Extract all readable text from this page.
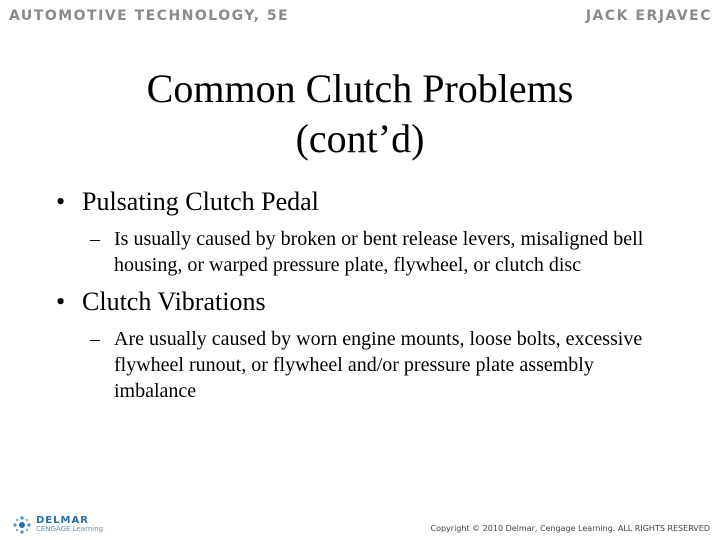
AUTOMOTIVE TECHNOLOGY, 5E	JACK ERJAVEC
Common Clutch Problems
(cont’d)
• Pulsating Clutch Pedal
– Is usually caused by broken or bent release levers, misaligned bell housing, or warped pressure plate, flywheel, or clutch disc
• Clutch Vibrations
– Are usually caused by worn engine mounts, loose bolts, excessive flywheel runout, or flywheel and/or pressure plate assembly imbalance
DELMAR
CENGAGE Learning	Copyright © 2010 Delmar, Cengage Learning. ALL RIGHTS RESERVED
